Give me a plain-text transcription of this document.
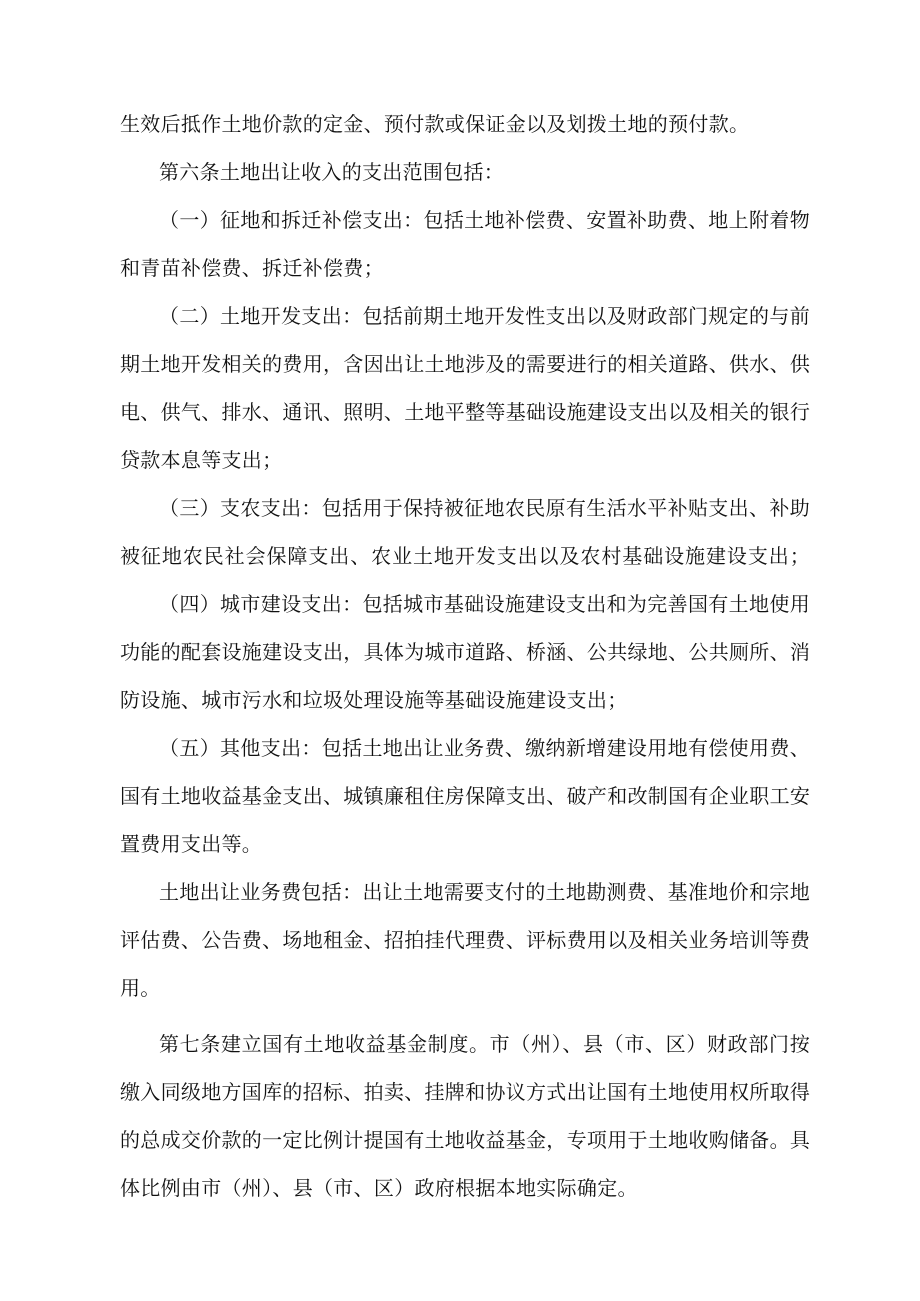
生效后抵作土地价款的定金、预付款或保证金以及划拨土地的预付款。
第六条土地出让收入的支出范围包括：
（一）征地和拆迁补偿支出：包括土地补偿费、安置补助费、地上附着物
和青苗补偿费、拆迁补偿费；
（二）土地开发支出：包括前期土地开发性支出以及财政部门规定的与前
期土地开发相关的费用，含因出让土地涉及的需要进行的相关道路、供水、供
电、供气、排水、通讯、照明、土地平整等基础设施建设支出以及相关的银行
贷款本息等支出；
（三）支农支出：包括用于保持被征地农民原有生活水平补贴支出、补助
被征地农民社会保障支出、农业土地开发支出以及农村基础设施建设支出；
（四）城市建设支出：包括城市基础设施建设支出和为完善国有土地使用
功能的配套设施建设支出，具体为城市道路、桥涵、公共绿地、公共厕所、消
防设施、城市污水和垃圾处理设施等基础设施建设支出；
（五）其他支出：包括土地出让业务费、缴纳新增建设用地有偿使用费、
国有土地收益基金支出、城镇廉租住房保障支出、破产和改制国有企业职工安
置费用支出等。
土地出让业务费包括：出让土地需要支付的土地勘测费、基准地价和宗地
评估费、公告费、场地租金、招拍挂代理费、评标费用以及相关业务培训等费
用。
第七条建立国有土地收益基金制度。市（州）、县（市、区）财政部门按
缴入同级地方国库的招标、拍卖、挂牌和协议方式出让国有土地使用权所取得
的总成交价款的一定比例计提国有土地收益基金，专项用于土地收购储备。具
体比例由市（州）、县（市、区）政府根据本地实际确定。
